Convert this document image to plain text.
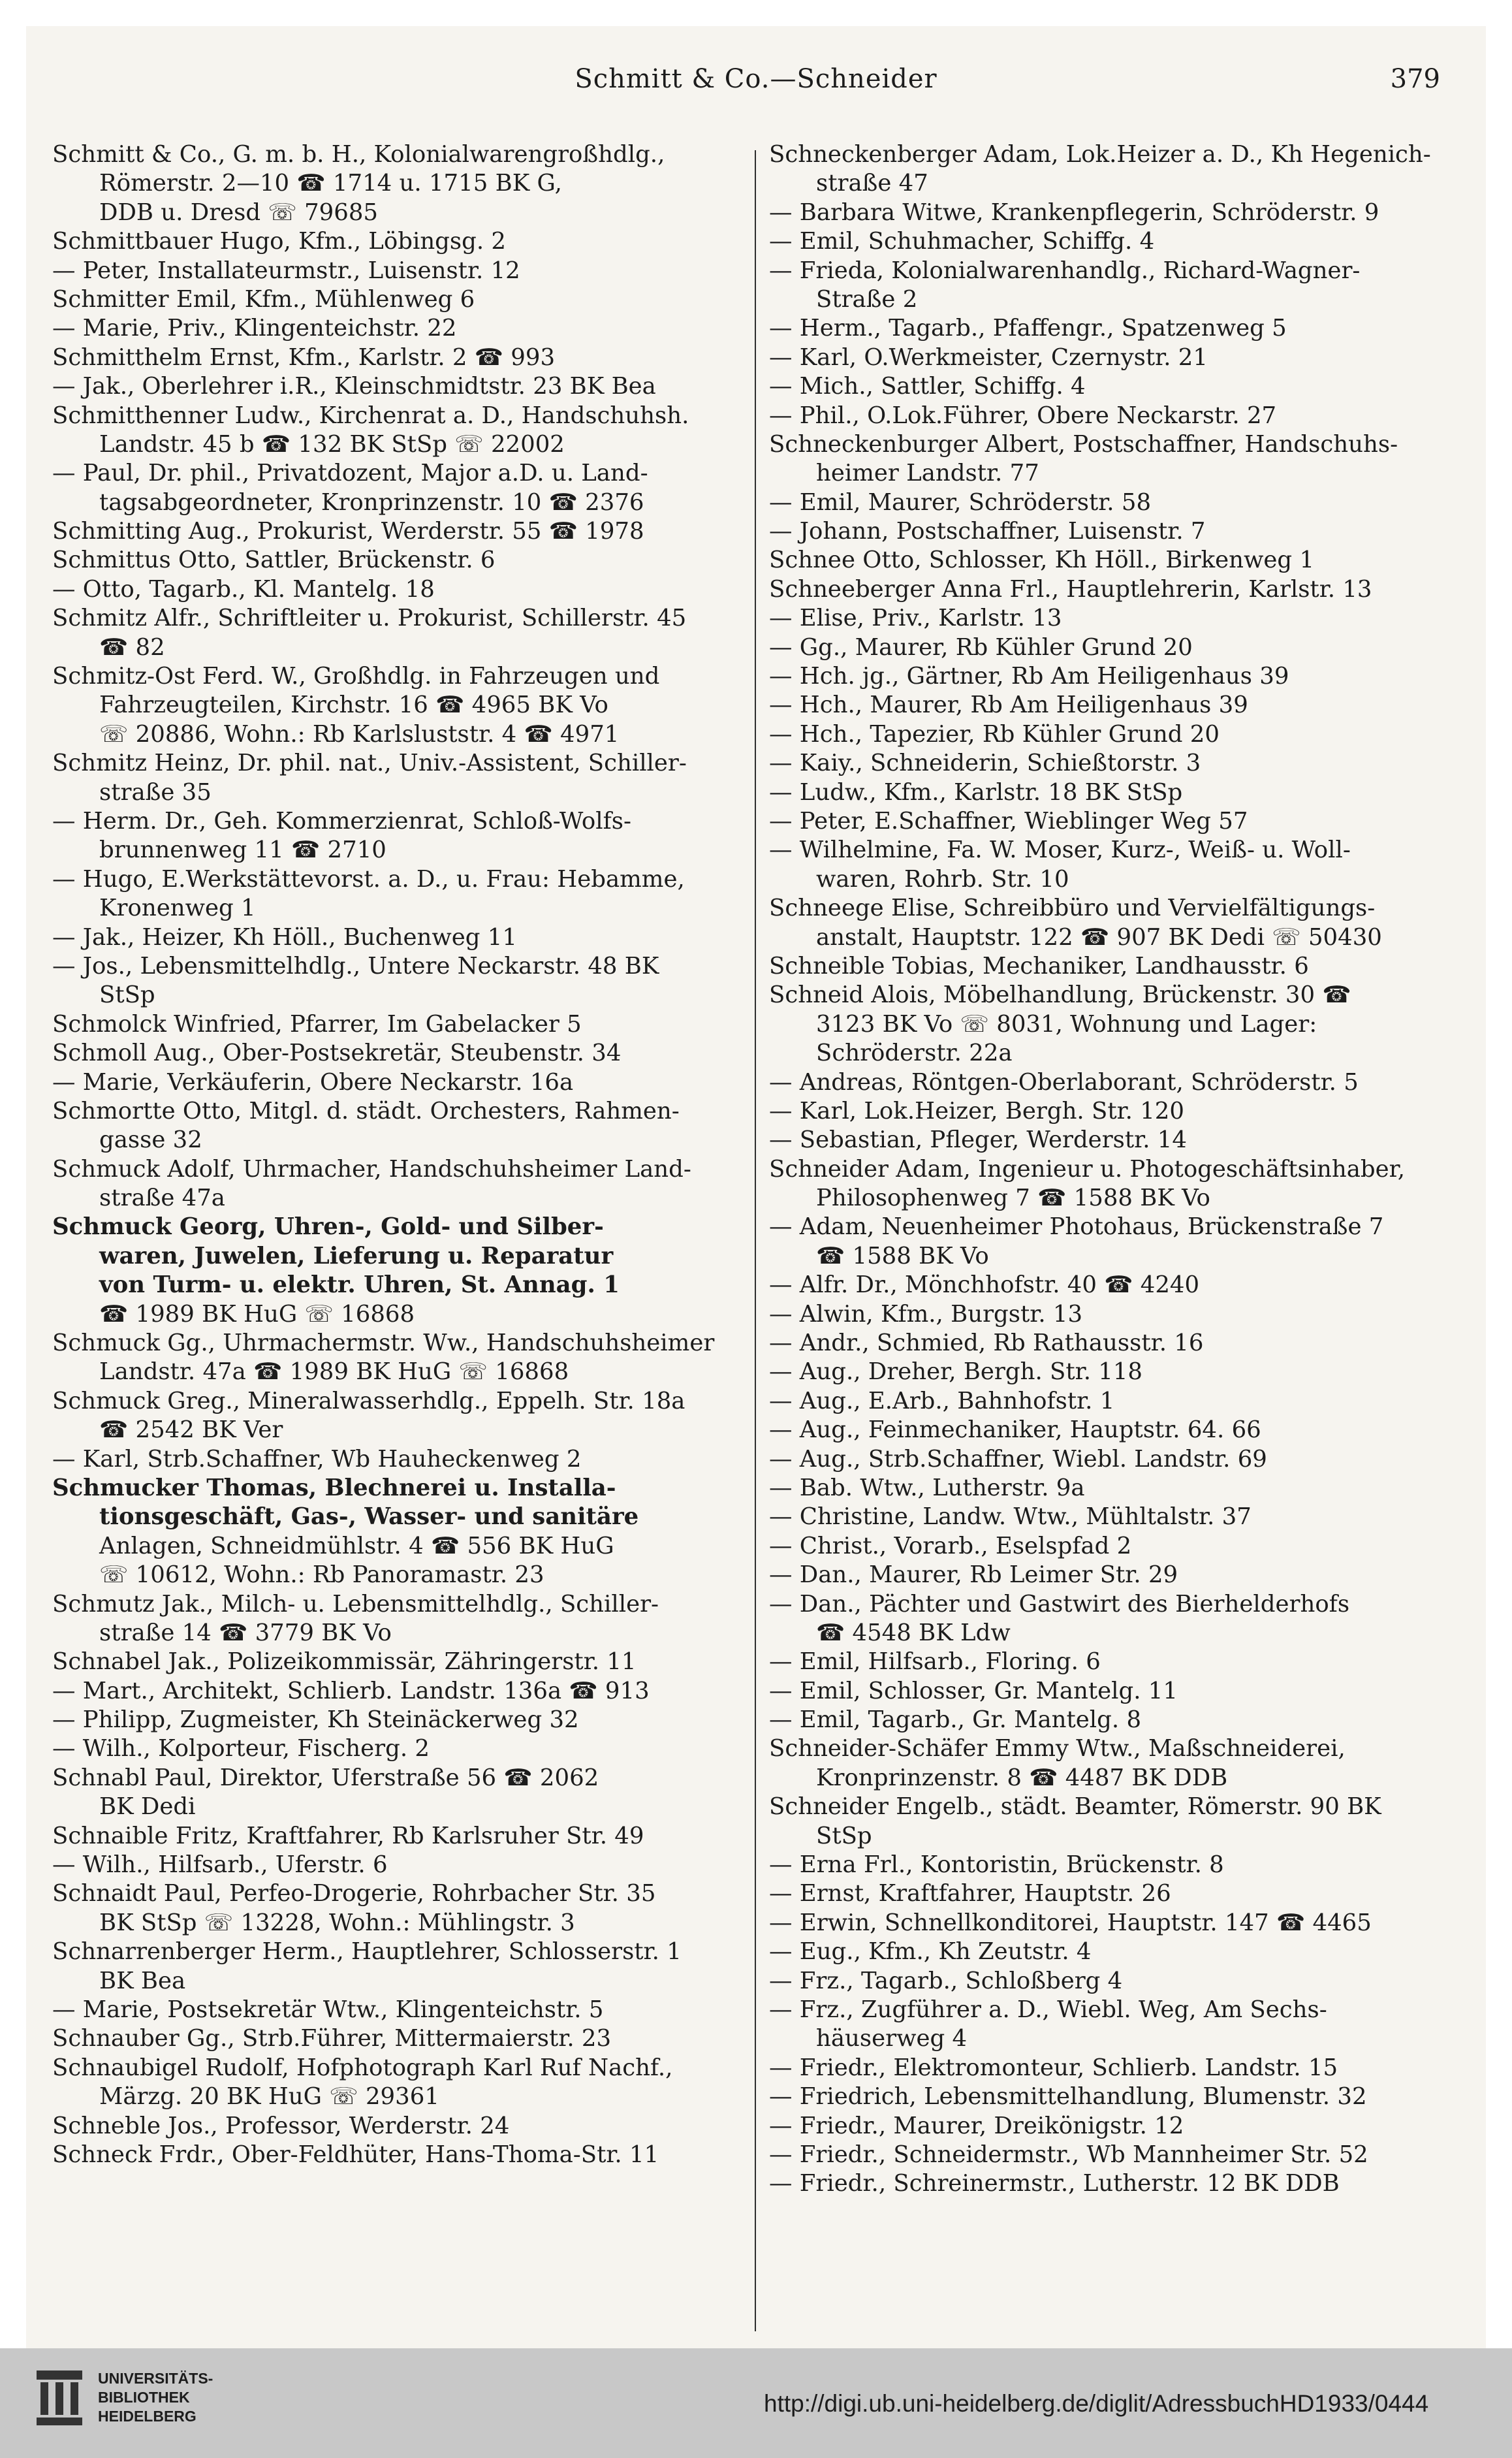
Schmitt & Co.—Schneider	379
Schmitt & Co., G. m. b. H., Kolonialwarengroßhdlg.,
Römerstr. 2—10 ☎ 1714 u. 1715 BK G,
DDB u. Dresd ☏ 79685
Schmittbauer Hugo, Kfm., Löbingsg. 2
— Peter, Installateurmstr., Luisenstr. 12
Schmitter Emil, Kfm., Mühlenweg 6
— Marie, Priv., Klingenteichstr. 22
Schmitthelm Ernst, Kfm., Karlstr. 2 ☎ 993
— Jak., Oberlehrer i.R., Kleinschmidtstr. 23 BK Bea
Schmitthenner Ludw., Kirchenrat a. D., Handschuhsh.
Landstr. 45 b ☎ 132 BK StSp ☏ 22002
— Paul, Dr. phil., Privatdozent, Major a.D. u. Land-
tagsabgeordneter, Kronprinzenstr. 10 ☎ 2376
Schmitting Aug., Prokurist, Werderstr. 55 ☎ 1978
Schmittus Otto, Sattler, Brückenstr. 6
— Otto, Tagarb., Kl. Mantelg. 18
Schmitz Alfr., Schriftleiter u. Prokurist, Schillerstr. 45
☎ 82
Schmitz-Ost Ferd. W., Großhdlg. in Fahrzeugen und
Fahrzeugteilen, Kirchstr. 16 ☎ 4965 BK Vo
☏ 20886, Wohn.: Rb Karlsluststr. 4 ☎ 4971
Schmitz Heinz, Dr. phil. nat., Univ.-Assistent, Schiller-
straße 35
— Herm. Dr., Geh. Kommerzienrat, Schloß-Wolfs-
brunnenweg 11 ☎ 2710
— Hugo, E.Werkstättevorst. a. D., u. Frau: Hebamme,
Kronenweg 1
— Jak., Heizer, Kh Höll., Buchenweg 11
— Jos., Lebensmittelhdlg., Untere Neckarstr. 48 BK
StSp
Schmolck Winfried, Pfarrer, Im Gabelacker 5
Schmoll Aug., Ober-Postsekretär, Steubenstr. 34
— Marie, Verkäuferin, Obere Neckarstr. 16a
Schmortte Otto, Mitgl. d. städt. Orchesters, Rahmen-
gasse 32
Schmuck Adolf, Uhrmacher, Handschuhsheimer Land-
straße 47a
Schmuck Georg, Uhren-, Gold- und Silber-
waren, Juwelen, Lieferung u. Reparatur
von Turm- u. elektr. Uhren, St. Annag. 1
☎ 1989 BK HuG ☏ 16868
Schmuck Gg., Uhrmachermstr. Ww., Handschuhsheimer
Landstr. 47a ☎ 1989 BK HuG ☏ 16868
Schmuck Greg., Mineralwasserhdlg., Eppelh. Str. 18a
☎ 2542 BK Ver
— Karl, Strb.Schaffner, Wb Hauheckenweg 2
Schmucker Thomas, Blechnerei u. Installa-
tionsgeschäft, Gas-, Wasser- und sanitäre
Anlagen, Schneidmühlstr. 4 ☎ 556 BK HuG
☏ 10612, Wohn.: Rb Panoramastr. 23
Schmutz Jak., Milch- u. Lebensmittelhdlg., Schiller-
straße 14 ☎ 3779 BK Vo
Schnabel Jak., Polizeikommissär, Zähringerstr. 11
— Mart., Architekt, Schlierb. Landstr. 136a ☎ 913
— Philipp, Zugmeister, Kh Steinäckerweg 32
— Wilh., Kolporteur, Fischerg. 2
Schnabl Paul, Direktor, Uferstraße 56 ☎ 2062
BK Dedi
Schnaible Fritz, Kraftfahrer, Rb Karlsruher Str. 49
— Wilh., Hilfsarb., Uferstr. 6
Schnaidt Paul, Perfeo-Drogerie, Rohrbacher Str. 35
BK StSp ☏ 13228, Wohn.: Mühlingstr. 3
Schnarrenberger Herm., Hauptlehrer, Schlosserstr. 1
BK Bea
— Marie, Postsekretär Wtw., Klingenteichstr. 5
Schnauber Gg., Strb.Führer, Mittermaierstr. 23
Schnaubigel Rudolf, Hofphotograph Karl Ruf Nachf.,
Märzg. 20 BK HuG ☏ 29361
Schneble Jos., Professor, Werderstr. 24
Schneck Frdr., Ober-Feldhüter, Hans-Thoma-Str. 11
Schneckenberger Adam, Lok.Heizer a. D., Kh Hegenich-
straße 47
— Barbara Witwe, Krankenpflegerin, Schröderstr. 9
— Emil, Schuhmacher, Schiffg. 4
— Frieda, Kolonialwarenhandlg., Richard-Wagner-
Straße 2
— Herm., Tagarb., Pfaffengr., Spatzenweg 5
— Karl, O.Werkmeister, Czernystr. 21
— Mich., Sattler, Schiffg. 4
— Phil., O.Lok.Führer, Obere Neckarstr. 27
Schneckenburger Albert, Postschaffner, Handschuhs-
heimer Landstr. 77
— Emil, Maurer, Schröderstr. 58
— Johann, Postschaffner, Luisenstr. 7
Schnee Otto, Schlosser, Kh Höll., Birkenweg 1
Schneeberger Anna Frl., Hauptlehrerin, Karlstr. 13
— Elise, Priv., Karlstr. 13
— Gg., Maurer, Rb Kühler Grund 20
— Hch. jg., Gärtner, Rb Am Heiligenhaus 39
— Hch., Maurer, Rb Am Heiligenhaus 39
— Hch., Tapezier, Rb Kühler Grund 20
— Kaiy., Schneiderin, Schießtorstr. 3
— Ludw., Kfm., Karlstr. 18 BK StSp
— Peter, E.Schaffner, Wieblinger Weg 57
— Wilhelmine, Fa. W. Moser, Kurz-, Weiß- u. Woll-
waren, Rohrb. Str. 10
Schneege Elise, Schreibbüro und Vervielfältigungs-
anstalt, Hauptstr. 122 ☎ 907 BK Dedi ☏ 50430
Schneible Tobias, Mechaniker, Landhausstr. 6
Schneid Alois, Möbelhandlung, Brückenstr. 30 ☎
3123 BK Vo ☏ 8031, Wohnung und Lager:
Schröderstr. 22a
— Andreas, Röntgen-Oberlaborant, Schröderstr. 5
— Karl, Lok.Heizer, Bergh. Str. 120
— Sebastian, Pfleger, Werderstr. 14
Schneider Adam, Ingenieur u. Photogeschäftsinhaber,
Philosophenweg 7 ☎ 1588 BK Vo
— Adam, Neuenheimer Photohaus, Brückenstraße 7
☎ 1588 BK Vo
— Alfr. Dr., Mönchhofstr. 40 ☎ 4240
— Alwin, Kfm., Burgstr. 13
— Andr., Schmied, Rb Rathausstr. 16
— Aug., Dreher, Bergh. Str. 118
— Aug., E.Arb., Bahnhofstr. 1
— Aug., Feinmechaniker, Hauptstr. 64. 66
— Aug., Strb.Schaffner, Wiebl. Landstr. 69
— Bab. Wtw., Lutherstr. 9a
— Christine, Landw. Wtw., Mühltalstr. 37
— Christ., Vorarb., Eselspfad 2
— Dan., Maurer, Rb Leimer Str. 29
— Dan., Pächter und Gastwirt des Bierhelderhofs
☎ 4548 BK Ldw
— Emil, Hilfsarb., Floring. 6
— Emil, Schlosser, Gr. Mantelg. 11
— Emil, Tagarb., Gr. Mantelg. 8
Schneider-Schäfer Emmy Wtw., Maßschneiderei,
Kronprinzenstr. 8 ☎ 4487 BK DDB
Schneider Engelb., städt. Beamter, Römerstr. 90 BK
StSp
— Erna Frl., Kontoristin, Brückenstr. 8
— Ernst, Kraftfahrer, Hauptstr. 26
— Erwin, Schnellkonditorei, Hauptstr. 147 ☎ 4465
— Eug., Kfm., Kh Zeutstr. 4
— Frz., Tagarb., Schloßberg 4
— Frz., Zugführer a. D., Wiebl. Weg, Am Sechs-
häuserweg 4
— Friedr., Elektromonteur, Schlierb. Landstr. 15
— Friedrich, Lebensmittelhandlung, Blumenstr. 32
— Friedr., Maurer, Dreikönigstr. 12
— Friedr., Schneidermstr., Wb Mannheimer Str. 52
— Friedr., Schreinermstr., Lutherstr. 12 BK DDB
UNIVERSITÄTS-
BIBLIOTHEK
HEIDELBERG	http://digi.ub.uni-heidelberg.de/diglit/AdressbuchHD1933/0444
